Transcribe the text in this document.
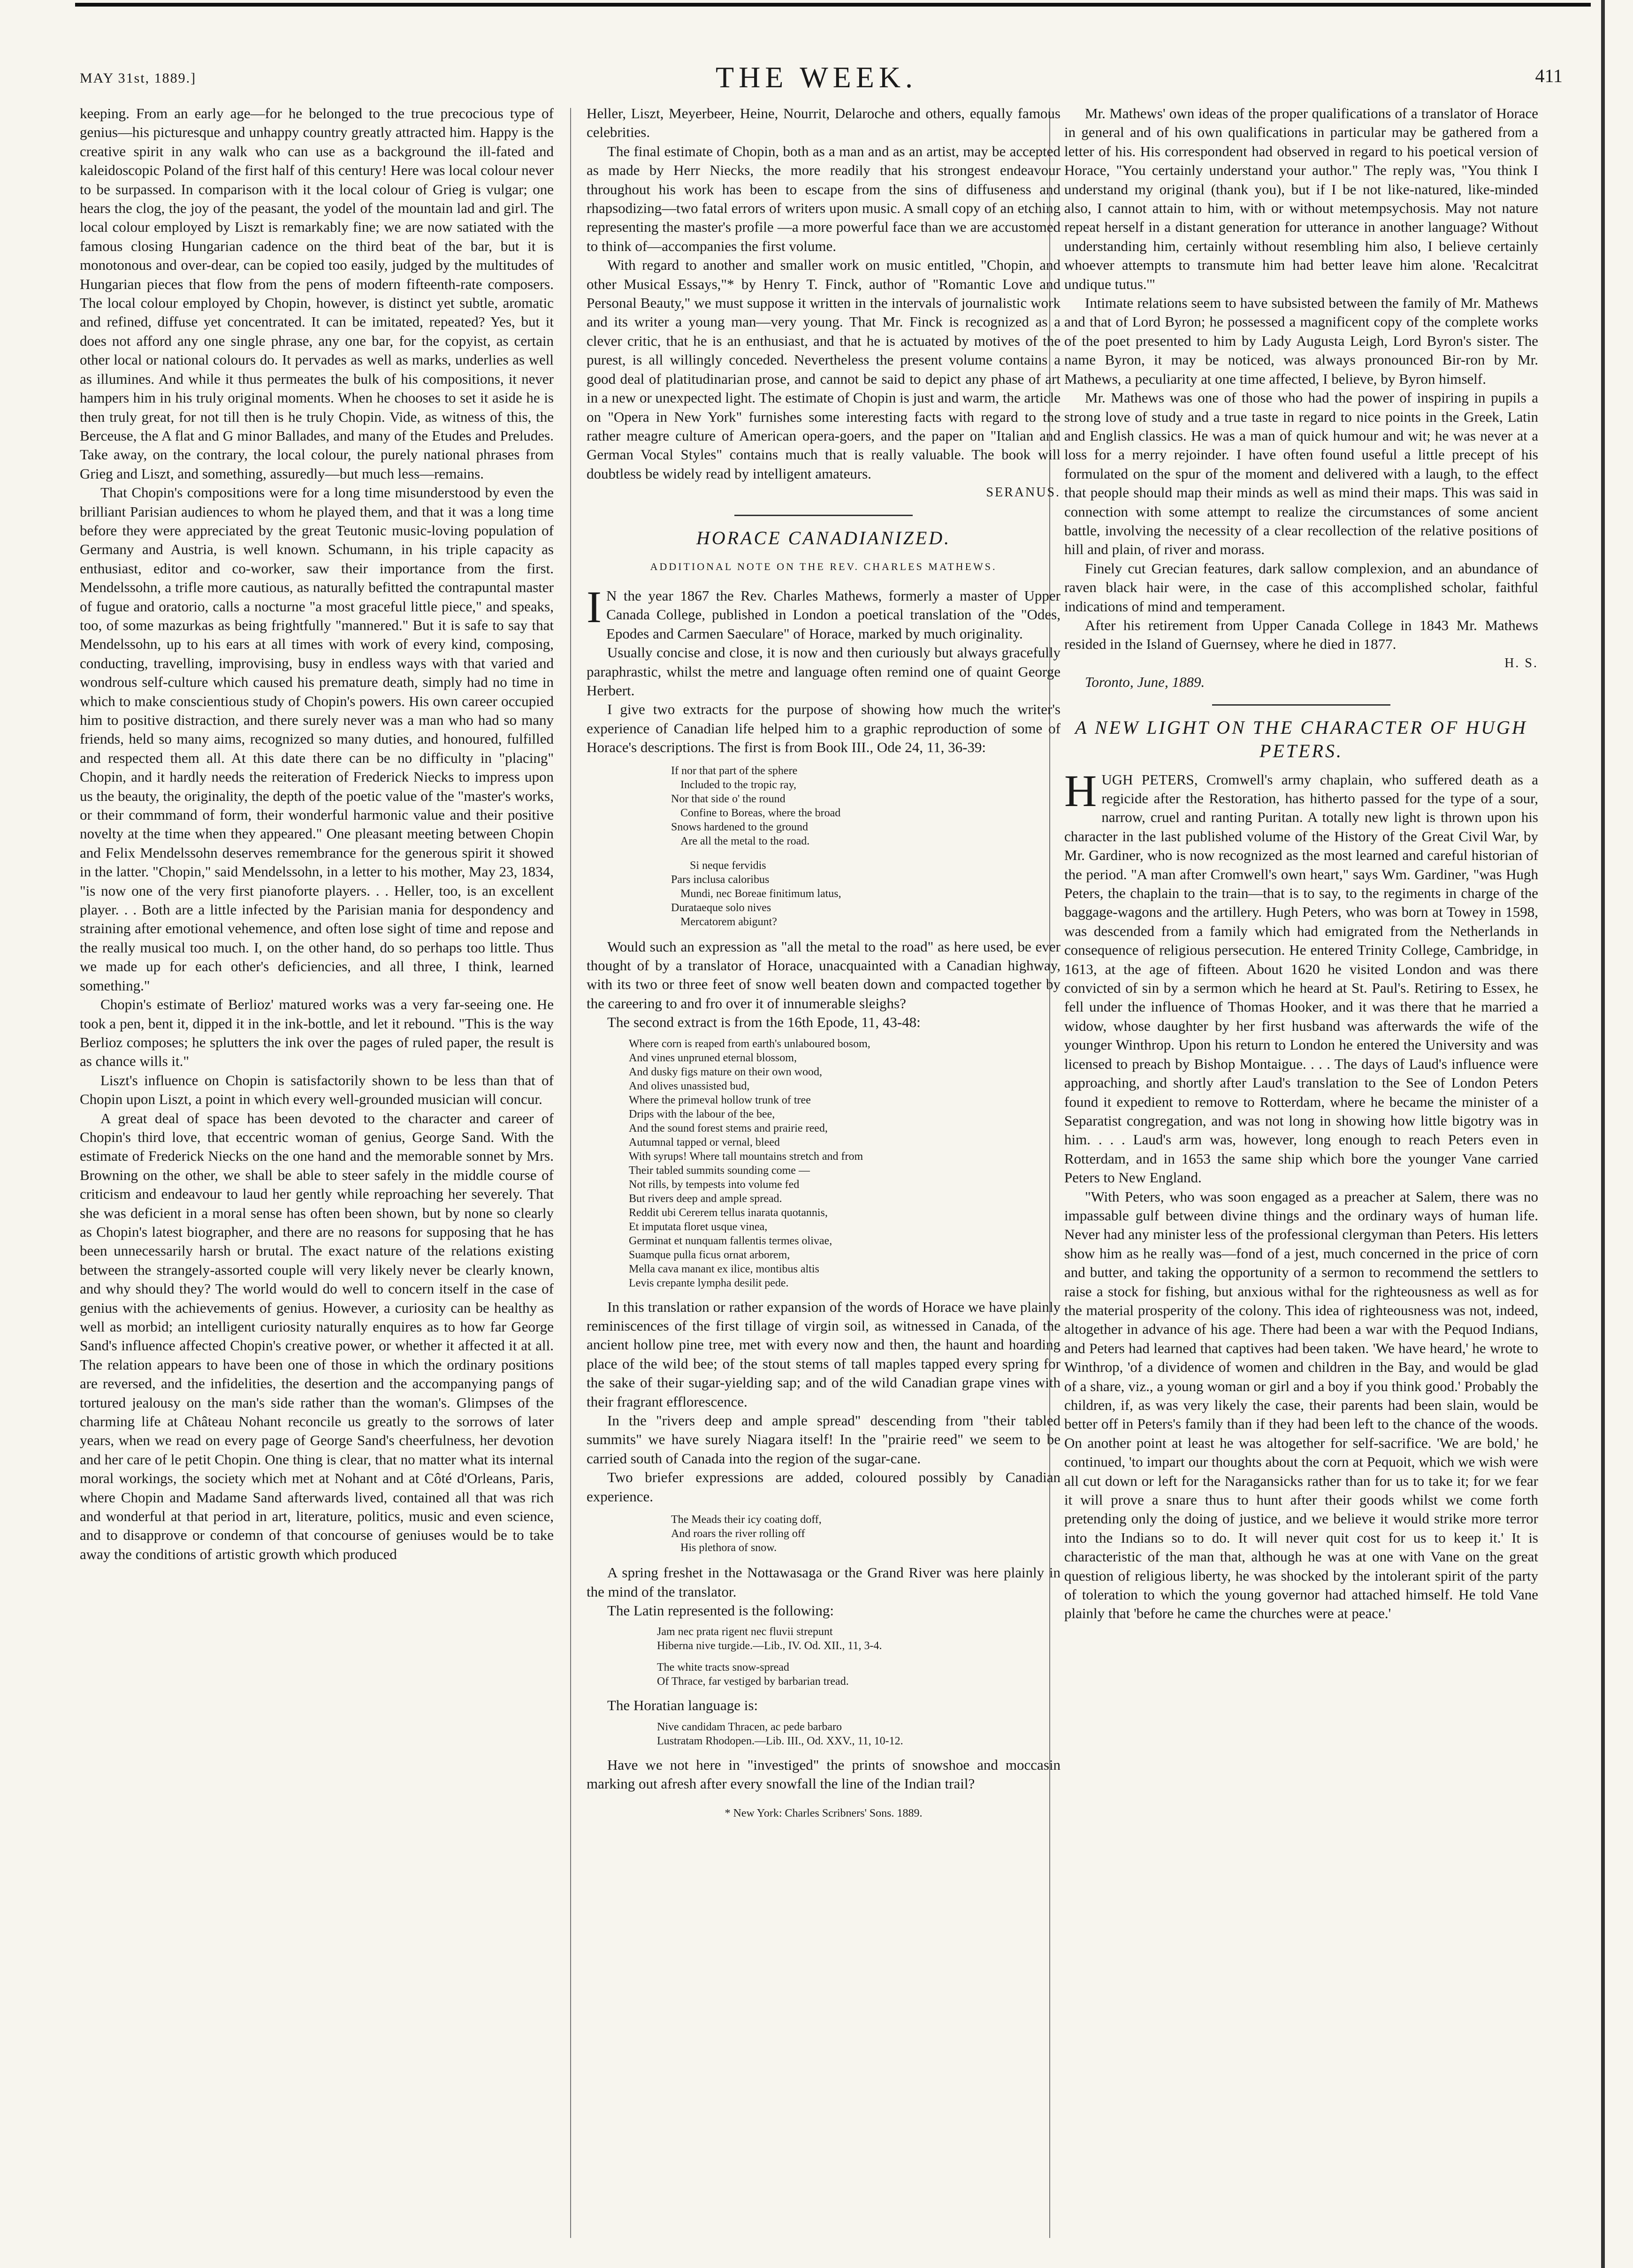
MAY 31st, 1889.]	THE WEEK.	411

keeping. From an early age—for he belonged to the true precocious type of genius—his picturesque and unhappy country greatly attracted him. Happy is the creative spirit in any walk who can use as a background the ill-fated and kaleidoscopic Poland of the first half of this century! Here was local colour never to be surpassed. In comparison with it the local colour of Grieg is vulgar; one hears the clog, the joy of the peasant, the yodel of the mountain lad and girl. The local colour employed by Liszt is remarkably fine; we are now satiated with the famous closing Hungarian cadence on the third beat of the bar, but it is monotonous and over-dear, can be copied too easily, judged by the multitudes of Hungarian pieces that flow from the pens of modern fifteenth-rate composers. The local colour employed by Chopin, however, is distinct yet subtle, aromatic and refined, diffuse yet concentrated. It can be imitated, repeated? Yes, but it does not afford any one single phrase, any one bar, for the copyist, as certain other local or national colours do. It pervades as well as marks, underlies as well as illumines. And while it thus permeates the bulk of his compositions, it never hampers him in his truly original moments. When he chooses to set it aside he is then truly great, for not till then is he truly Chopin. Vide, as witness of this, the Berceuse, the A flat and G minor Ballades, and many of the Etudes and Preludes. Take away, on the contrary, the local colour, the purely national phrases from Grieg and Liszt, and something, assuredly—but much less—remains.

That Chopin's compositions were for a long time misunderstood by even the brilliant Parisian audiences to whom he played them, and that it was a long time before they were appreciated by the great Teutonic music-loving population of Germany and Austria, is well known. Schumann, in his triple capacity as enthusiast, editor and co-worker, saw their importance from the first. Mendelssohn, a trifle more cautious, as naturally befitted the contrapuntal master of fugue and oratorio, calls a nocturne "a most graceful little piece," and speaks, too, of some mazurkas as being frightfully "mannered." But it is safe to say that Mendelssohn, up to his ears at all times with work of every kind, composing, conducting, travelling, improvising, busy in endless ways with that varied and wondrous self-culture which caused his premature death, simply had no time in which to make conscientious study of Chopin's powers. His own career occupied him to positive distraction, and there surely never was a man who had so many friends, held so many aims, recognized so many duties, and honoured, fulfilled and respected them all. At this date there can be no difficulty in "placing" Chopin, and it hardly needs the reiteration of Frederick Niecks to impress upon us the beauty, the originality, the depth of the poetic value of the "master's works, or their commmand of form, their wonderful harmonic value and their positive novelty at the time when they appeared." One pleasant meeting between Chopin and Felix Mendelssohn deserves remembrance for the generous spirit it showed in the latter. "Chopin," said Mendelssohn, in a letter to his mother, May 23, 1834, "is now one of the very first pianoforte players. . . Heller, too, is an excellent player. . . Both are a little infected by the Parisian mania for despondency and straining after emotional vehemence, and often lose sight of time and repose and the really musical too much. I, on the other hand, do so perhaps too little. Thus we made up for each other's deficiencies, and all three, I think, learned something."

Chopin's estimate of Berlioz' matured works was a very far-seeing one. He took a pen, bent it, dipped it in the ink-bottle, and let it rebound. "This is the way Berlioz composes; he splutters the ink over the pages of ruled paper, the result is as chance wills it."

Liszt's influence on Chopin is satisfactorily shown to be less than that of Chopin upon Liszt, a point in which every well-grounded musician will concur.

A great deal of space has been devoted to the character and career of Chopin's third love, that eccentric woman of genius, George Sand. With the estimate of Frederick Niecks on the one hand and the memorable sonnet by Mrs. Browning on the other, we shall be able to steer safely in the middle course of criticism and endeavour to laud her gently while reproaching her severely. That she was deficient in a moral sense has often been shown, but by none so clearly as Chopin's latest biographer, and there are no reasons for supposing that he has been unnecessarily harsh or brutal. The exact nature of the relations existing between the strangely-assorted couple will very likely never be clearly known, and why should they? The world would do well to concern itself in the case of genius with the achievements of genius. However, a curiosity can be healthy as well as morbid; an intelligent curiosity naturally enquires as to how far George Sand's influence affected Chopin's creative power, or whether it affected it at all. The relation appears to have been one of those in which the ordinary positions are reversed, and the infidelities, the desertion and the accompanying pangs of tortured jealousy on the man's side rather than the woman's. Glimpses of the charming life at Château Nohant reconcile us greatly to the sorrows of later years, when we read on every page of George Sand's cheerfulness, her devotion and her care of le petit Chopin. One thing is clear, that no matter what its internal moral workings, the society which met at Nohant and at Côté d'Orleans, Paris, where Chopin and Madame Sand afterwards lived, contained all that was rich and wonderful at that period in art, literature, politics, music and even science, and to disapprove or condemn of that concourse of geniuses would be to take away the conditions of artistic growth which produced

Heller, Liszt, Meyerbeer, Heine, Nourrit, Delaroche and others, equally famous celebrities.

The final estimate of Chopin, both as a man and as an artist, may be accepted as made by Herr Niecks, the more readily that his strongest endeavour throughout his work has been to escape from the sins of diffuseness and rhapsodizing—two fatal errors of writers upon music. A small copy of an etching representing the master's profile —a more powerful face than we are accustomed to think of—accompanies the first volume.

With regard to another and smaller work on music entitled, "Chopin, and other Musical Essays,"* by Henry T. Finck, author of "Romantic Love and Personal Beauty," we must suppose it written in the intervals of journalistic work and its writer a young man—very young. That Mr. Finck is recognized as a clever critic, that he is an enthusiast, and that he is actuated by motives of the purest, is all willingly conceded. Nevertheless the present volume contains a good deal of platitudinarian prose, and cannot be said to depict any phase of art in a new or unexpected light. The estimate of Chopin is just and warm, the article on "Opera in New York" furnishes some interesting facts with regard to the rather meagre culture of American opera-goers, and the paper on "Italian and German Vocal Styles" contains much that is really valuable. The book will doubtless be widely read by intelligent amateurs.

SERANUS.
HORACE CANADIANIZED.
ADDITIONAL NOTE ON THE REV. CHARLES MATHEWS.

I N the year 1867 the Rev. Charles Mathews, formerly a master of Upper Canada College, published in London a poetical translation of the "Odes, Epodes and Carmen Saeculare" of Horace, marked by much originality.

Usually concise and close, it is now and then curiously but always gracefully paraphrastic, whilst the metre and language often remind one of quaint George Herbert.

I give two extracts for the purpose of showing how much the writer's experience of Canadian life helped him to a graphic reproduction of some of Horace's descriptions. The first is from Book III., Ode 24, 11, 36-39:

If nor that part of the sphere
Included to the tropic ray,
Nor that side o' the round
Confine to Boreas, where the broad
Snows hardened to the ground
Are all the metal to the road.
Si neque fervidis
Pars inclusa caloribus
Mundi, nec Boreae finitimum latus,
Durataeque solo nives
Mercatorem abigunt?

Would such an expression as "all the metal to the road" as here used, be ever thought of by a translator of Horace, unacquainted with a Canadian highway, with its two or three feet of snow well beaten down and compacted together by the careering to and fro over it of innumerable sleighs?

The second extract is from the 16th Epode, 11, 43-48:

Where corn is reaped from earth's unlaboured bosom,
And vines unpruned eternal blossom,
And dusky figs mature on their own wood,
And olives unassisted bud,
Where the primeval hollow trunk of tree
Drips with the labour of the bee,
And the sound forest stems and prairie reed,
Autumnal tapped or vernal, bleed
With syrups! Where tall mountains stretch and from
Their tabled summits sounding come —
Not rills, by tempests into volume fed
But rivers deep and ample spread.
Reddit ubi Cererem tellus inarata quotannis,
Et imputata floret usque vinea,
Germinat et nunquam fallentis termes olivae,
Suamque pulla ficus ornat arborem,
Mella cava manant ex ilice, montibus altis
Levis crepante lympha desilit pede.

In this translation or rather expansion of the words of Horace we have plainly reminiscences of the first tillage of virgin soil, as witnessed in Canada, of the ancient hollow pine tree, met with every now and then, the haunt and hoarding place of the wild bee; of the stout stems of tall maples tapped every spring for the sake of their sugar-yielding sap; and of the wild Canadian grape vines with their fragrant efflorescence.

In the "rivers deep and ample spread" descending from "their tabled summits" we have surely Niagara itself! In the "prairie reed" we seem to be carried south of Canada into the region of the sugar-cane.

Two briefer expressions are added, coloured possibly by Canadian experience.

The Meads their icy coating doff,
And roars the river rolling off
His plethora of snow.

A spring freshet in the Nottawasaga or the Grand River was here plainly in the mind of the translator.

The Latin represented is the following:

Jam nec prata rigent nec fluvii strepunt
Hiberna nive turgide.—Lib., IV. Od. XII., 11, 3-4.
The white tracts snow-spread
Of Thrace, far vestiged by barbarian tread.

The Horatian language is:

Nive candidam Thracen, ac pede barbaro
Lustratam Rhodopen.—Lib. III., Od. XXV., 11, 10-12.

Have we not here in "investiged" the prints of snowshoe and moccasin marking out afresh after every snowfall the line of the Indian trail?

* New York: Charles Scribners' Sons. 1889.

Mr. Mathews' own ideas of the proper qualifications of a translator of Horace in general and of his own qualifications in particular may be gathered from a letter of his. His correspondent had observed in regard to his poetical version of Horace, "You certainly understand your author." The reply was, "You think I understand my original (thank you), but if I be not like-natured, like-minded also, I cannot attain to him, with or without metempsychosis. May not nature repeat herself in a distant generation for utterance in another language? Without understanding him, certainly without resembling him also, I believe certainly whoever attempts to transmute him had better leave him alone. 'Recalcitrat undique tutus.'"

Intimate relations seem to have subsisted between the family of Mr. Mathews and that of Lord Byron; he possessed a magnificent copy of the complete works of the poet presented to him by Lady Augusta Leigh, Lord Byron's sister. The name Byron, it may be noticed, was always pronounced Bir-ron by Mr. Mathews, a peculiarity at one time affected, I believe, by Byron himself.

Mr. Mathews was one of those who had the power of inspiring in pupils a strong love of study and a true taste in regard to nice points in the Greek, Latin and English classics. He was a man of quick humour and wit; he was never at a loss for a merry rejoinder. I have often found useful a little precept of his formulated on the spur of the moment and delivered with a laugh, to the effect that people should map their minds as well as mind their maps. This was said in connection with some attempt to realize the circumstances of some ancient battle, involving the necessity of a clear recollection of the relative positions of hill and plain, of river and morass.

Finely cut Grecian features, dark sallow complexion, and an abundance of raven black hair were, in the case of this accomplished scholar, faithful indications of mind and temperament.

After his retirement from Upper Canada College in 1843 Mr. Mathews resided in the Island of Guernsey, where he died in 1877.

H. S.

Toronto, June, 1889.

A NEW LIGHT ON THE CHARACTER OF HUGH PETERS.

HUGH PETERS, Cromwell's army chaplain, who suffered death as a regicide after the Restoration, has hitherto passed for the type of a sour, narrow, cruel and ranting Puritan. A totally new light is thrown upon his character in the last published volume of the History of the Great Civil War, by Mr. Gardiner, who is now recognized as the most learned and careful historian of the period. "A man after Cromwell's own heart," says Wm. Gardiner, "was Hugh Peters, the chaplain to the train—that is to say, to the regiments in charge of the baggage-wagons and the artillery. Hugh Peters, who was born at Towey in 1598, was descended from a family which had emigrated from the Netherlands in consequence of religious persecution. He entered Trinity College, Cambridge, in 1613, at the age of fifteen. About 1620 he visited London and was there convicted of sin by a sermon which he heard at St. Paul's. Retiring to Essex, he fell under the influence of Thomas Hooker, and it was there that he married a widow, whose daughter by her first husband was afterwards the wife of the younger Winthrop. Upon his return to London he entered the University and was licensed to preach by Bishop Montaigue. . . . The days of Laud's influence were approaching, and shortly after Laud's translation to the See of London Peters found it expedient to remove to Rotterdam, where he became the minister of a Separatist congregation, and was not long in showing how little bigotry was in him. . . . Laud's arm was, however, long enough to reach Peters even in Rotterdam, and in 1653 the same ship which bore the younger Vane carried Peters to New England.

"With Peters, who was soon engaged as a preacher at Salem, there was no impassable gulf between divine things and the ordinary ways of human life. Never had any minister less of the professional clergyman than Peters. His letters show him as he really was—fond of a jest, much concerned in the price of corn and butter, and taking the opportunity of a sermon to recommend the settlers to raise a stock for fishing, but anxious withal for the righteousness as well as for the material prosperity of the colony. This idea of righteousness was not, indeed, altogether in advance of his age. There had been a war with the Pequod Indians, and Peters had learned that captives had been taken. 'We have heard,' he wrote to Winthrop, 'of a dividence of women and children in the Bay, and would be glad of a share, viz., a young woman or girl and a boy if you think good.' Probably the children, if, as was very likely the case, their parents had been slain, would be better off in Peters's family than if they had been left to the chance of the woods. On another point at least he was altogether for self-sacrifice. 'We are bold,' he continued, 'to impart our thoughts about the corn at Pequoit, which we wish were all cut down or left for the Naragansicks rather than for us to take it; for we fear it will prove a snare thus to hunt after their goods whilst we come forth pretending only the doing of justice, and we believe it would strike more terror into the Indians so to do. It will never quit cost for us to keep it.' It is characteristic of the man that, although he was at one with Vane on the great question of religious liberty, he was shocked by the intolerant spirit of the party of toleration to which the young governor had attached himself. He told Vane plainly that 'before he came the churches were at peace.'
